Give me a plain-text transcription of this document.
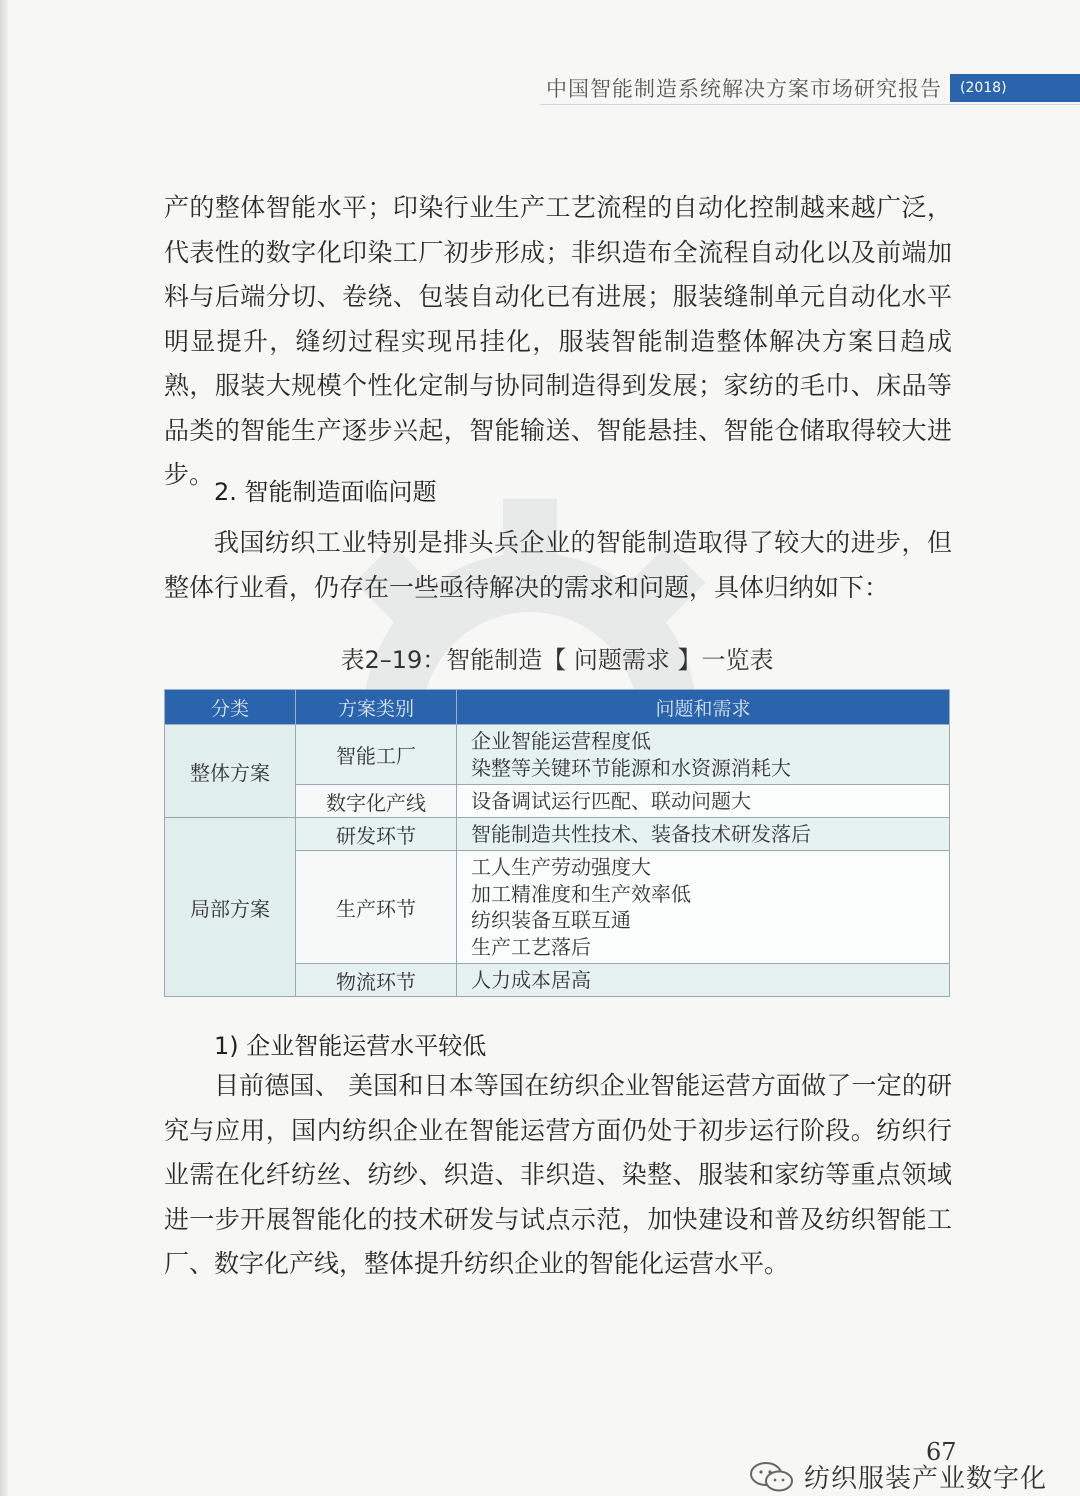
中国智能制造系统解决方案市场研究报告	(2018)

产的整体智能水平；印染行业生产工艺流程的自动化控制越来越广泛，代表性的数字化印染工厂初步形成；非织造布全流程自动化以及前端加料与后端分切、卷绕、包装自动化已有进展；服装缝制单元自动化水平明显提升，缝纫过程实现吊挂化，服装智能制造整体解决方案日趋成熟，服装大规模个性化定制与协同制造得到发展；家纺的毛巾、床品等品类的智能生产逐步兴起，智能输送、智能悬挂、智能仓储取得较大进步。

2. 智能制造面临问题

我国纺织工业特别是排头兵企业的智能制造取得了较大的进步，但整体行业看，仍存在一些亟待解决的需求和问题，具体归纳如下：

表2–19：智能制造【 问题需求 】一览表
分类	方案类别	问题和需求
整体方案	智能工厂	企业智能运营程度低
染整等关键环节能源和水资源消耗大

	数字化产线	设备调试运行匹配、联动问题大

局部方案	研发环节	智能制造共性技术、装备技术研发落后

	生产环节	工人生产劳动强度大
加工精准度和生产效率低
纺织装备互联互通
生产工艺落后

	物流环节	人力成本居高

1) 企业智能运营水平较低

目前德国、 美国和日本等国在纺织企业智能运营方面做了一定的研究与应用，国内纺织企业在智能运营方面仍处于初步运行阶段。纺织行业需在化纤纺丝、纺纱、织造、非织造、染整、服装和家纺等重点领域进一步开展智能化的技术研发与试点示范，加快建设和普及纺织智能工厂、数字化产线，整体提升纺织企业的智能化运营水平。

67
纺织服装产业数字化
